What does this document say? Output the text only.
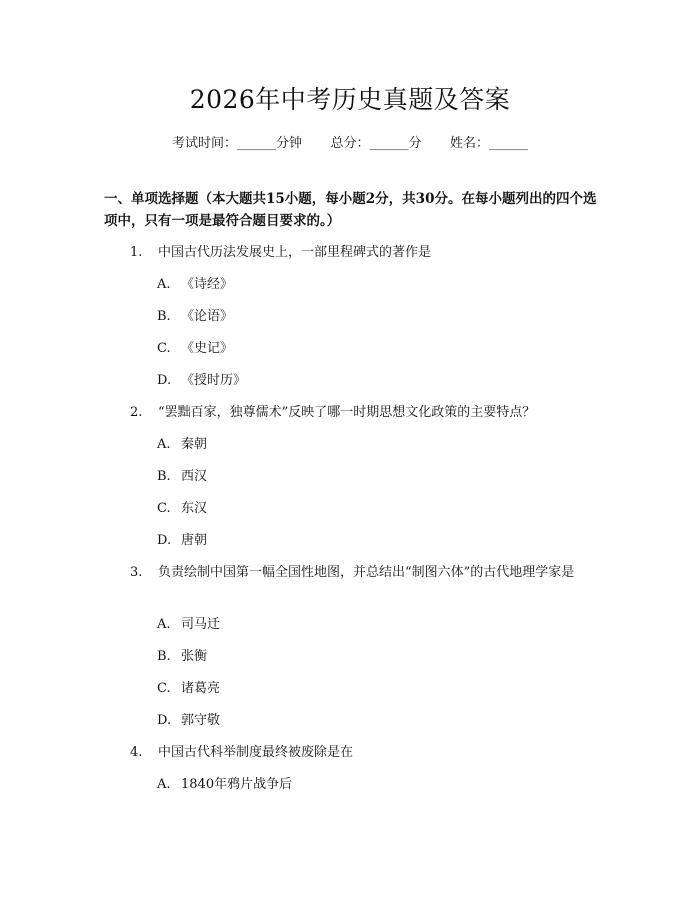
2026年中考历史真题及答案
考试时间：______分钟 总分：______分 姓名：______
一、单项选择题（本大题共15小题，每小题2分，共30分。在每小题列出的四个选项中，只有一项是最符合题目要求的。）
1. 中国古代历法发展史上，一部里程碑式的著作是
A. 《诗经》
B. 《论语》
C. 《史记》
D. 《授时历》
2. “罢黜百家，独尊儒术”反映了哪一时期思想文化政策的主要特点？
A. 秦朝
B. 西汉
C. 东汉
D. 唐朝
3. 负责绘制中国第一幅全国性地图，并总结出“制图六体”的古代地理学家是
A. 司马迁
B. 张衡
C. 诸葛亮
D. 郭守敬
4. 中国古代科举制度最终被废除是在
A. 1840年鸦片战争后
